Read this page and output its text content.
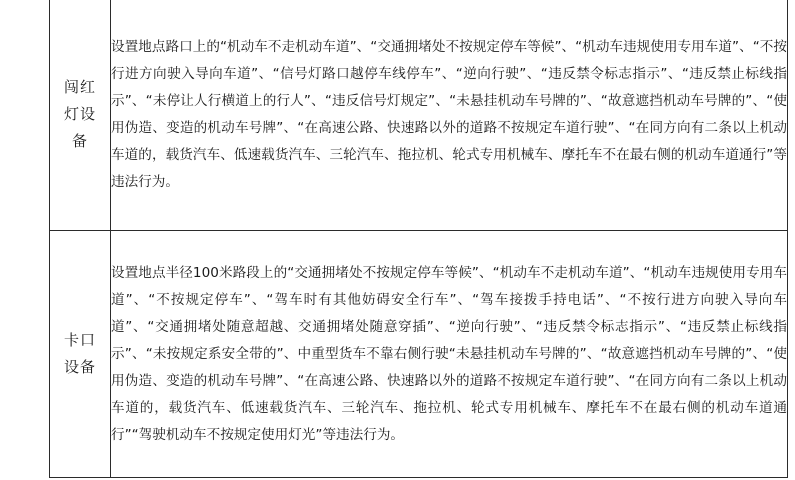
闯红灯设备	设置地点路口上的“机动车不走机动车道”、“交通拥堵处不按规定停车等候”、“机动车违规使用专用车道”、“不按行进方向驶入导向车道”、“信号灯路口越停车线停车”、“逆向行驶”、“违反禁令标志指示”、“违反禁止标线指示”、“未停让人行横道上的行人”、“违反信号灯规定”、“未悬挂机动车号牌的”、“故意遮挡机动车号牌的”、“使用伪造、变造的机动车号牌”、“在高速公路、快速路以外的道路不按规定车道行驶”、“在同方向有二条以上机动车道的，载货汽车、低速载货汽车、三轮汽车、拖拉机、轮式专用机械车、摩托车不在最右侧的机动车道通行”等违法行为。

卡口设备	设置地点半径100米路段上的“交通拥堵处不按规定停车等候”、“机动车不走机动车道”、“机动车违规使用专用车道”、“不按规定停车”、“驾车时有其他妨碍安全行车”、“驾车接拨手持电话”、“不按行进方向驶入导向车道”、“交通拥堵处随意超越、交通拥堵处随意穿插”、“逆向行驶”、“违反禁令标志指示”、“违反禁止标线指示”、“未按规定系安全带的”、中重型货车不靠右侧行驶“未悬挂机动车号牌的”、“故意遮挡机动车号牌的”、“使用伪造、变造的机动车号牌”、“在高速公路、快速路以外的道路不按规定车道行驶”、“在同方向有二条以上机动车道的，载货汽车、低速载货汽车、三轮汽车、拖拉机、轮式专用机械车、摩托车不在最右侧的机动车道通行”“驾驶机动车不按规定使用灯光”等违法行为。
